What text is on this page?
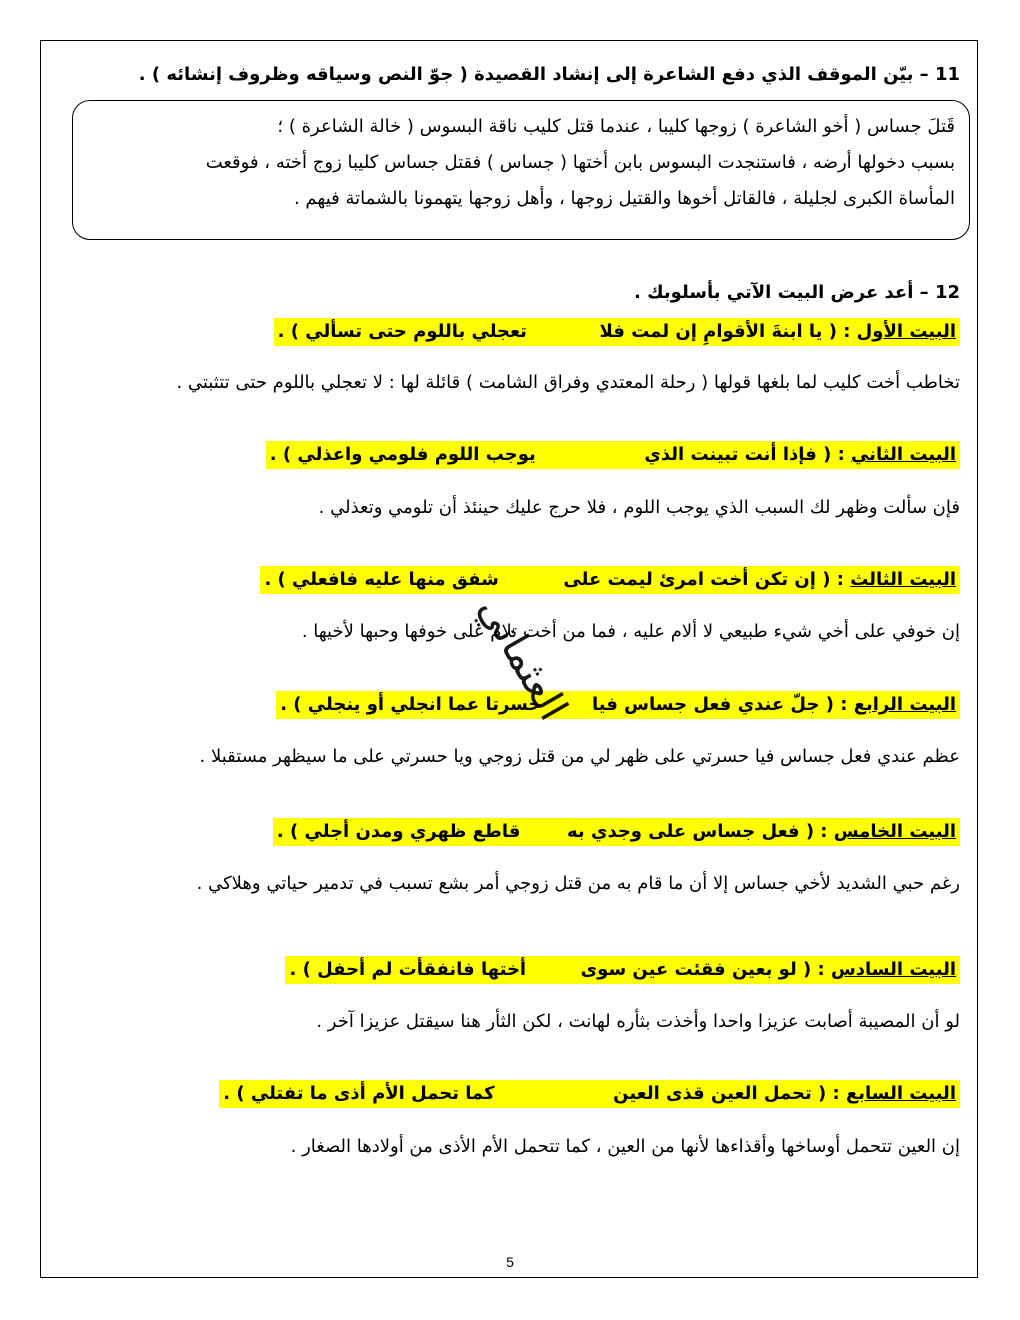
11 – بيّن الموقف الذي دفع الشاعرة إلى إنشاد القصيدة ( جوّ النص وسياقه وظروف إنشائه ) .

قَتلَ جساس ( أخو الشاعرة ) زوجها كليبا ، عندما قتل كليب ناقة البسوس ( خالة الشاعرة ) ؛

بسبب دخولها أرضه ، فاستنجدت البسوس بابن أختها ( جساس ) فقتل جساس كليبا زوج أخته ، فوقعت

المأساة الكبرى لجليلة ، فالقاتل أخوها والقتيل زوجها ، وأهل زوجها يتهمونا بالشماتة فيهم .

12 – أعد عرض البيت الآتي بأسلوبك .
البيت الأول : ( يا ابنةَ الأقوامِ إن لمت فلا  تعجلي باللوم حتى تسألي ) .
تخاطب أخت كليب لما بلغها قولها ( رحلة المعتدي وفراق الشامت ) قائلة لها : لا تعجلي باللوم حتى تتثبتي .
البيت الثاني : ( فإذا أنت تبينت الذي  يوجب اللوم فلومي واعذلي ) .
فإن سألت وظهر لك السبب الذي يوجب اللوم ، فلا حرج عليك حينئذ أن تلومي وتعذلي .
البيت الثالث : ( إن تكن أخت امرئ ليمت على  شفق منها عليه فافعلي ) .
إن خوفي على أخي شيء طبيعي لا ألام عليه ، فما من أخت تلام على خوفها وحبها لأخيها .
البيت الرابع : ( جلّ عندي فعل جساس فيا  حسرتا عما انجلي أو ينجلي ) .
عظم عندي فعل جساس فيا حسرتي على ظهر لي من قتل زوجي ويا حسرتي على ما سيظهر مستقبلا .
البيت الخامس : ( فعل جساس على وجدي به  قاطع ظهري ومدن أجلي ) .
رغم حبي الشديد لأخي جساس إلا أن ما قام به من قتل زوجي أمر بشع تسبب في تدمير حياتي وهلاكي .
البيت السادس : ( لو بعين فقئت عين سوى  أختها فانفقأت لم أحفل ) .
لو أن المصيبة أصابت عزيزا واحدا وأخذت بثأره لهانت ، لكن الثأر هنا سيقتل عزيزا آخر .
البيت السابع : ( تحمل العين قذى العين  كما تحمل الأم أذى ما تفتلي ) .
إن العين تتحمل أوساخها وأقذاءها لأنها من العين ، كما تتحمل الأم الأذى من أولادها الصغار .
العثماني
5
